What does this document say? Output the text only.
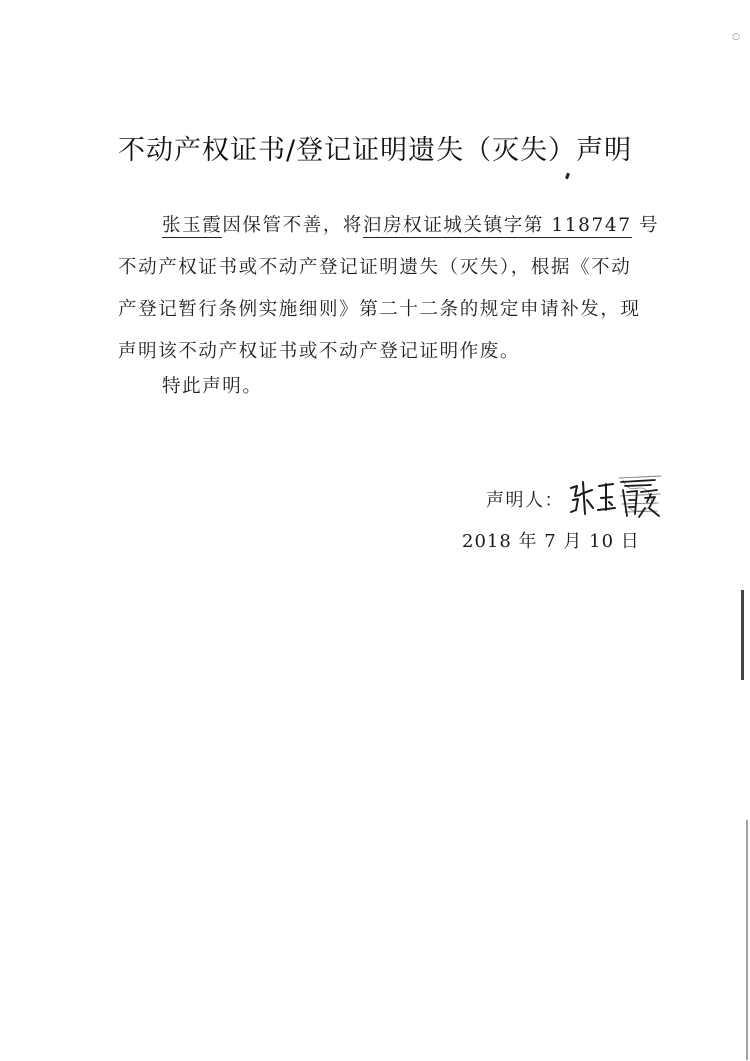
○
不动产权证书/登记证明遗失（灭失）声明
张玉霞因保管不善，将汩房权证城关镇字第 118747 号
不动产权证书或不动产登记证明遗失（灭失），根据《不动
产登记暂行条例实施细则》第二十二条的规定申请补发，现
声明该不动产权证书或不动产登记证明作废。
特此声明。
声明人：
2018 年 7 月 10 日
